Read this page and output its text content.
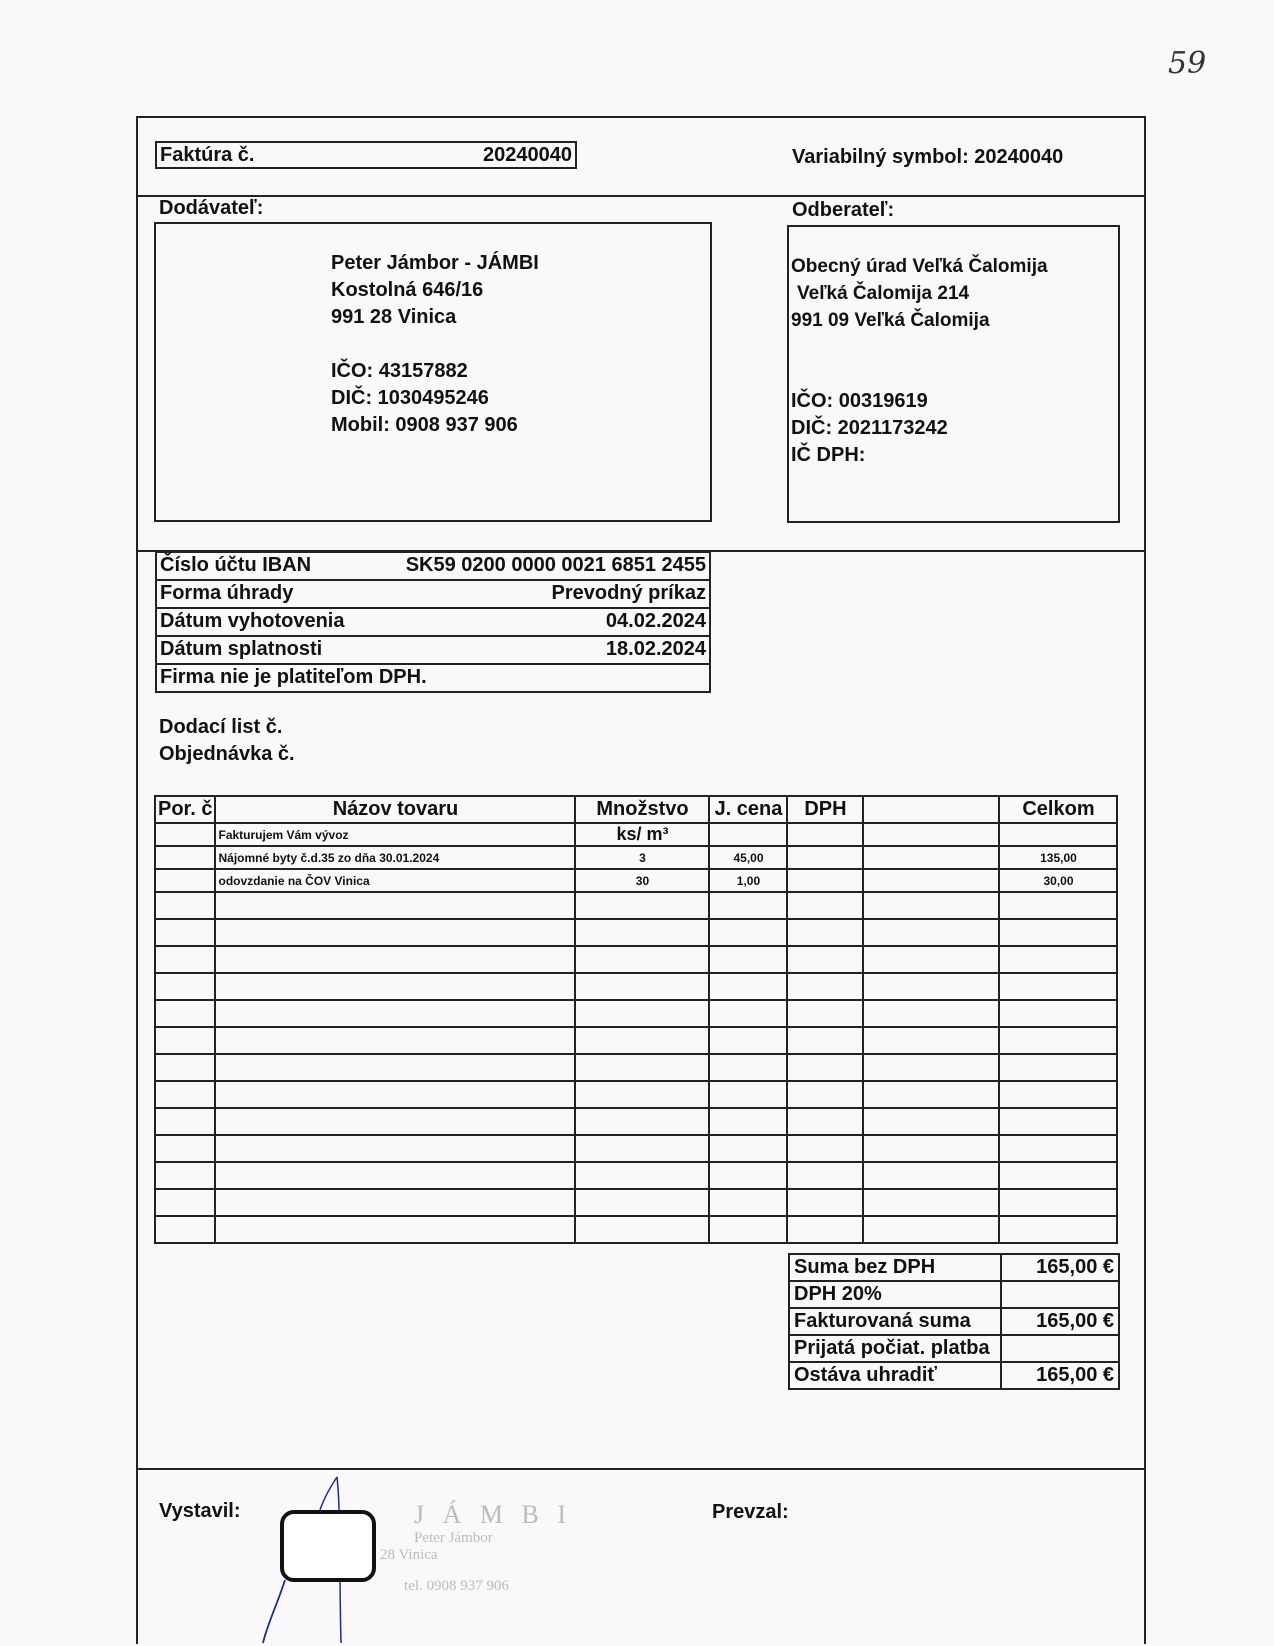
59
Faktúra č.	20240040	Variabilný symbol: 20240040
Dodávateľ:
Peter Jámbor - JÁMBI
Kostolná 646/16
991 28 Vinica
IČO: 43157882
DIČ: 1030495246
Mobil: 0908 937 906
Odberateľ:
Obecný úrad Veľká Čalomija
Veľká Čalomija 214
991 09 Veľká Čalomija
IČO: 00319619
DIČ: 2021173242
IČ DPH:
Číslo účtu IBAN	SK59 0200 0000 0021 6851 2455
Forma úhrady	Prevodný príkaz
Dátum vyhotovenia	04.02.2024
Dátum splatnosti	18.02.2024
Firma nie je platiteľom DPH.
Dodací list č.
Objednávka č.
Por. č	Názov tovaru	Množstvo	J. cena	DPH		Celkom
	Fakturujem Vám vývoz	ks/ m³				
	Nájomné byty č.d.35 zo dňa 30.01.2024	3	45,00			135,00
	odovzdanie na ČOV Vinica	30	1,00			30,00

Suma bez DPH	165,00 €
DPH 20%	
Fakturovaná suma	165,00 €
Prijatá počiat. platba	
Ostáva uhradiť	165,00 €
Vystavil:	Prevzal:
J Á M B I
Peter Jámbor
28 Vinica
tel. 0908 937 906
